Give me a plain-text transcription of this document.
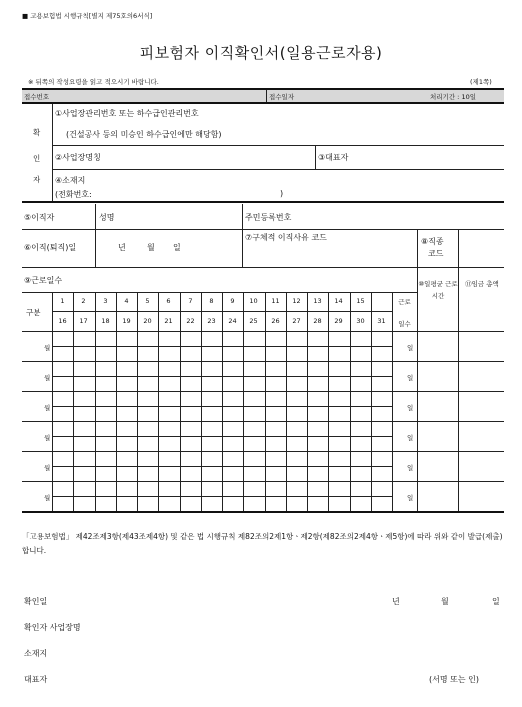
■ 고용보험법 시행규칙[별지 제75호의6서식]
피보험자 이직확인서(일용근로자용)
※ 뒤쪽의 작성요령을 읽고 적으시기 바랍니다.	(제1쪽)
접수번호	접수일자	처리기간 : 10일
확
인
자
①사업장관리번호 또는 하수급인관리번호
(건설공사 등의 미승인 하수급인에만 해당함)
②사업장명칭	③대표자
④소재지
(전화번호:	)
⑤이직자	성명	주민등록번호
⑥이직(퇴직)일	년	월 일
⑦구체적 이직사유 코드	⑧직종
코드
⑨근로일수	⑩일평균 근로 시간
⑪임금 총액
1	2	3	4	5	6	7	8	9	10	11	12	13	14	15
16	17	18	19	20	21	22	23	24	25	26	27	28	29	30	31
구분
근로
일수
월	일
월	일
월	일
월	일
월	일
월	일
「고용보험법」 제42조제3항(제43조제4항) 및 같은 법 시행규칙 제82조의2제1항ㆍ제2항(제82조의2제4항ㆍ제5항)에 따라 위와 같이 발급(제출)합니다.
확인일	년	월	일
확인자 사업장명
소재지
대표자	(서명 또는 인)
